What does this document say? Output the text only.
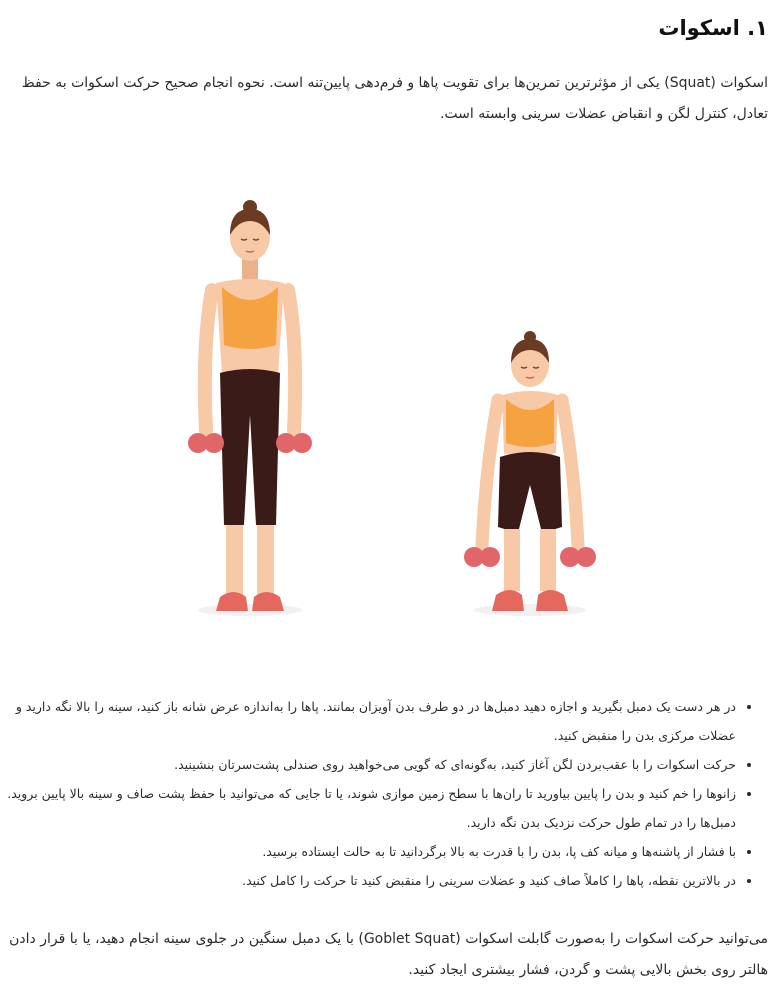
۱. اسکوات

اسکوات (Squat) یکی از مؤثرترین تمرین‌ها برای تقویت پاها و فرم‌دهی پایین‌تنه است. نحوه انجام صحیح حرکت اسکوات به حفظ تعادل، کنترل لگن و انقباض عضلات سرینی وابسته است.

• در هر دست یک دمبل بگیرید و اجازه دهید دمبل‌ها در دو طرف بدن آویزان بمانند. پاها را به‌اندازه عرض شانه باز کنید، سینه را بالا نگه دارید و عضلات مرکزی بدن را منقبض کنید.
• حرکت اسکوات را با عقب‌بردن لگن آغاز کنید، به‌گونه‌ای که گویی می‌خواهید روی صندلی پشت‌سرتان بنشینید.
• زانوها را خم کنید و بدن را پایین بیاورید تا ران‌ها با سطح زمین موازی شوند، یا تا جایی که می‌توانید با حفظ پشت صاف و سینه بالا پایین بروید. دمبل‌ها را در تمام طول حرکت نزدیک بدن نگه دارید.
• با فشار از پاشنه‌ها و میانه کف پا، بدن را با قدرت به بالا برگردانید تا به حالت ایستاده برسید.
• در بالاترین نقطه، پاها را کاملاً صاف کنید و عضلات سرینی را منقبض کنید تا حرکت را کامل کنید.

می‌توانید حرکت اسکوات را به‌صورت گابلت اسکوات (Goblet Squat) با یک دمبل سنگین در جلوی سینه انجام دهید، یا با قرار دادن هالتر روی بخش بالایی پشت و گردن، فشار بیشتری ایجاد کنید.
